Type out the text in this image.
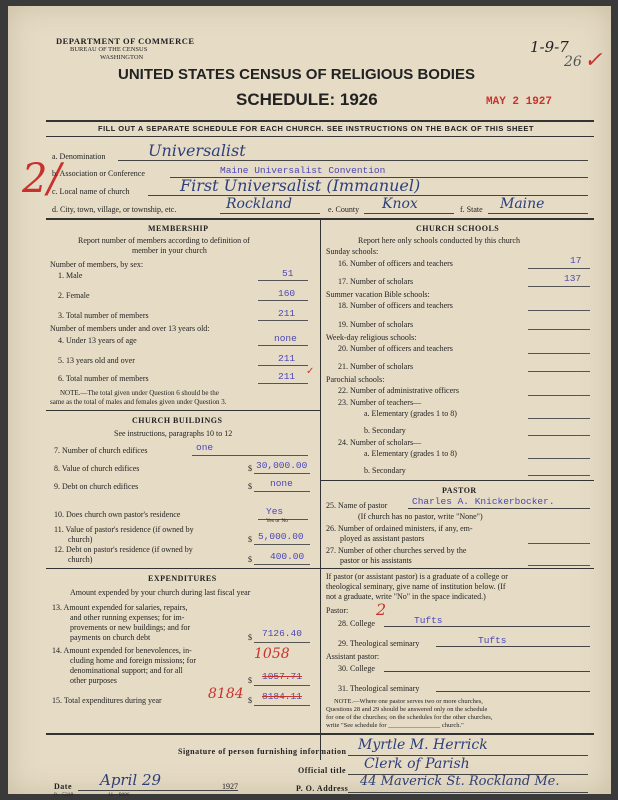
DEPARTMENT OF COMMERCE
BUREAU OF THE CENSUS
WASHINGTON
UNITED STATES CENSUS OF RELIGIOUS BODIES
SCHEDULE: 1926	MAY 2 1927
1-9-7
26 ✓
FILL OUT A SEPARATE SCHEDULE FOR EACH CHURCH. SEE INSTRUCTIONS ON THE BACK OF THIS SHEET
2/
a. Denomination	Universalist
b. Association or Conference	Maine Universalist Convention
c. Local name of church	First Universalist (Immanuel)
d. City, town, village, or township, etc.	Rockland	e. County Knox	f. State Maine
MEMBERSHIP
Report number of members according to definition of
member in your church
Number of members, by sex:
1. Male	51
2. Female	160
3. Total number of members	211
Number of members under and over 13 years old:
4. Under 13 years of age	none
5. 13 years old and over	211
6. Total number of members	211 ✓
NOTE.—The total given under Question 6 should be the
same as the total of males and females given under Question 3.
CHURCH BUILDINGS
See instructions, paragraphs 10 to 12
7. Number of church edifices	one
8. Value of church edifices	$ 30,000.00
9. Debt on church edifices	$ none
10. Does church own pastor's residence	Yes
Yes or No
11. Value of pastor's residence (if owned by
church)	$ 5,000.00
12. Debt on pastor's residence (if owned by
church)	$ 400.00
EXPENDITURES
Amount expended by your church during last fiscal year
13. Amount expended for salaries, repairs,
and other running expenses; for im-
provements or new buildings; and for
payments on church debt	$ 7126.40
14. Amount expended for benevolences, in-
cluding home and foreign missions; for
denominational support; and for all
other purposes	$ 1057.71
1058
15. Total expenditures during year	$ 8184.11
8184
CHURCH SCHOOLS
Report here only schools conducted by this church
Sunday schools:
16. Number of officers and teachers	17
17. Number of scholars	137
Summer vacation Bible schools:
18. Number of officers and teachers
19. Number of scholars
Week-day religious schools:
20. Number of officers and teachers
21. Number of scholars
Parochial schools:
22. Number of administrative officers
23. Number of teachers—
a. Elementary (grades 1 to 8)
b. Secondary
24. Number of scholars—
a. Elementary (grades 1 to 8)
b. Secondary
PASTOR
25. Name of pastor	Charles A. Knickerbocker.
(If church has no pastor, write "None")
26. Number of ordained ministers, if any, em-
ployed as assistant pastors
27. Number of other churches served by the
pastor or his assistants
If pastor (or assistant pastor) is a graduate of a college or
theological seminary, give name of institution below. (If
not a graduate, write "No" in the space indicated.)
Pastor: 2
28. College	Tufts
29. Theological seminary	Tufts
Assistant pastor:
30. College
31. Theological seminary
NOTE.—Where one pastor serves two or more churches,
Questions 28 and 29 should be answered only on the schedule
for one of the churches; on the schedules for the other churches,
write "See schedule for ________________ church."
Signature of person furnishing information Myrtle M. Herrick
Official title Clerk of Parish
Date April 29	1927
8—5318	11—9086
P. O. Address 44 Maverick St. Rockland Me.
